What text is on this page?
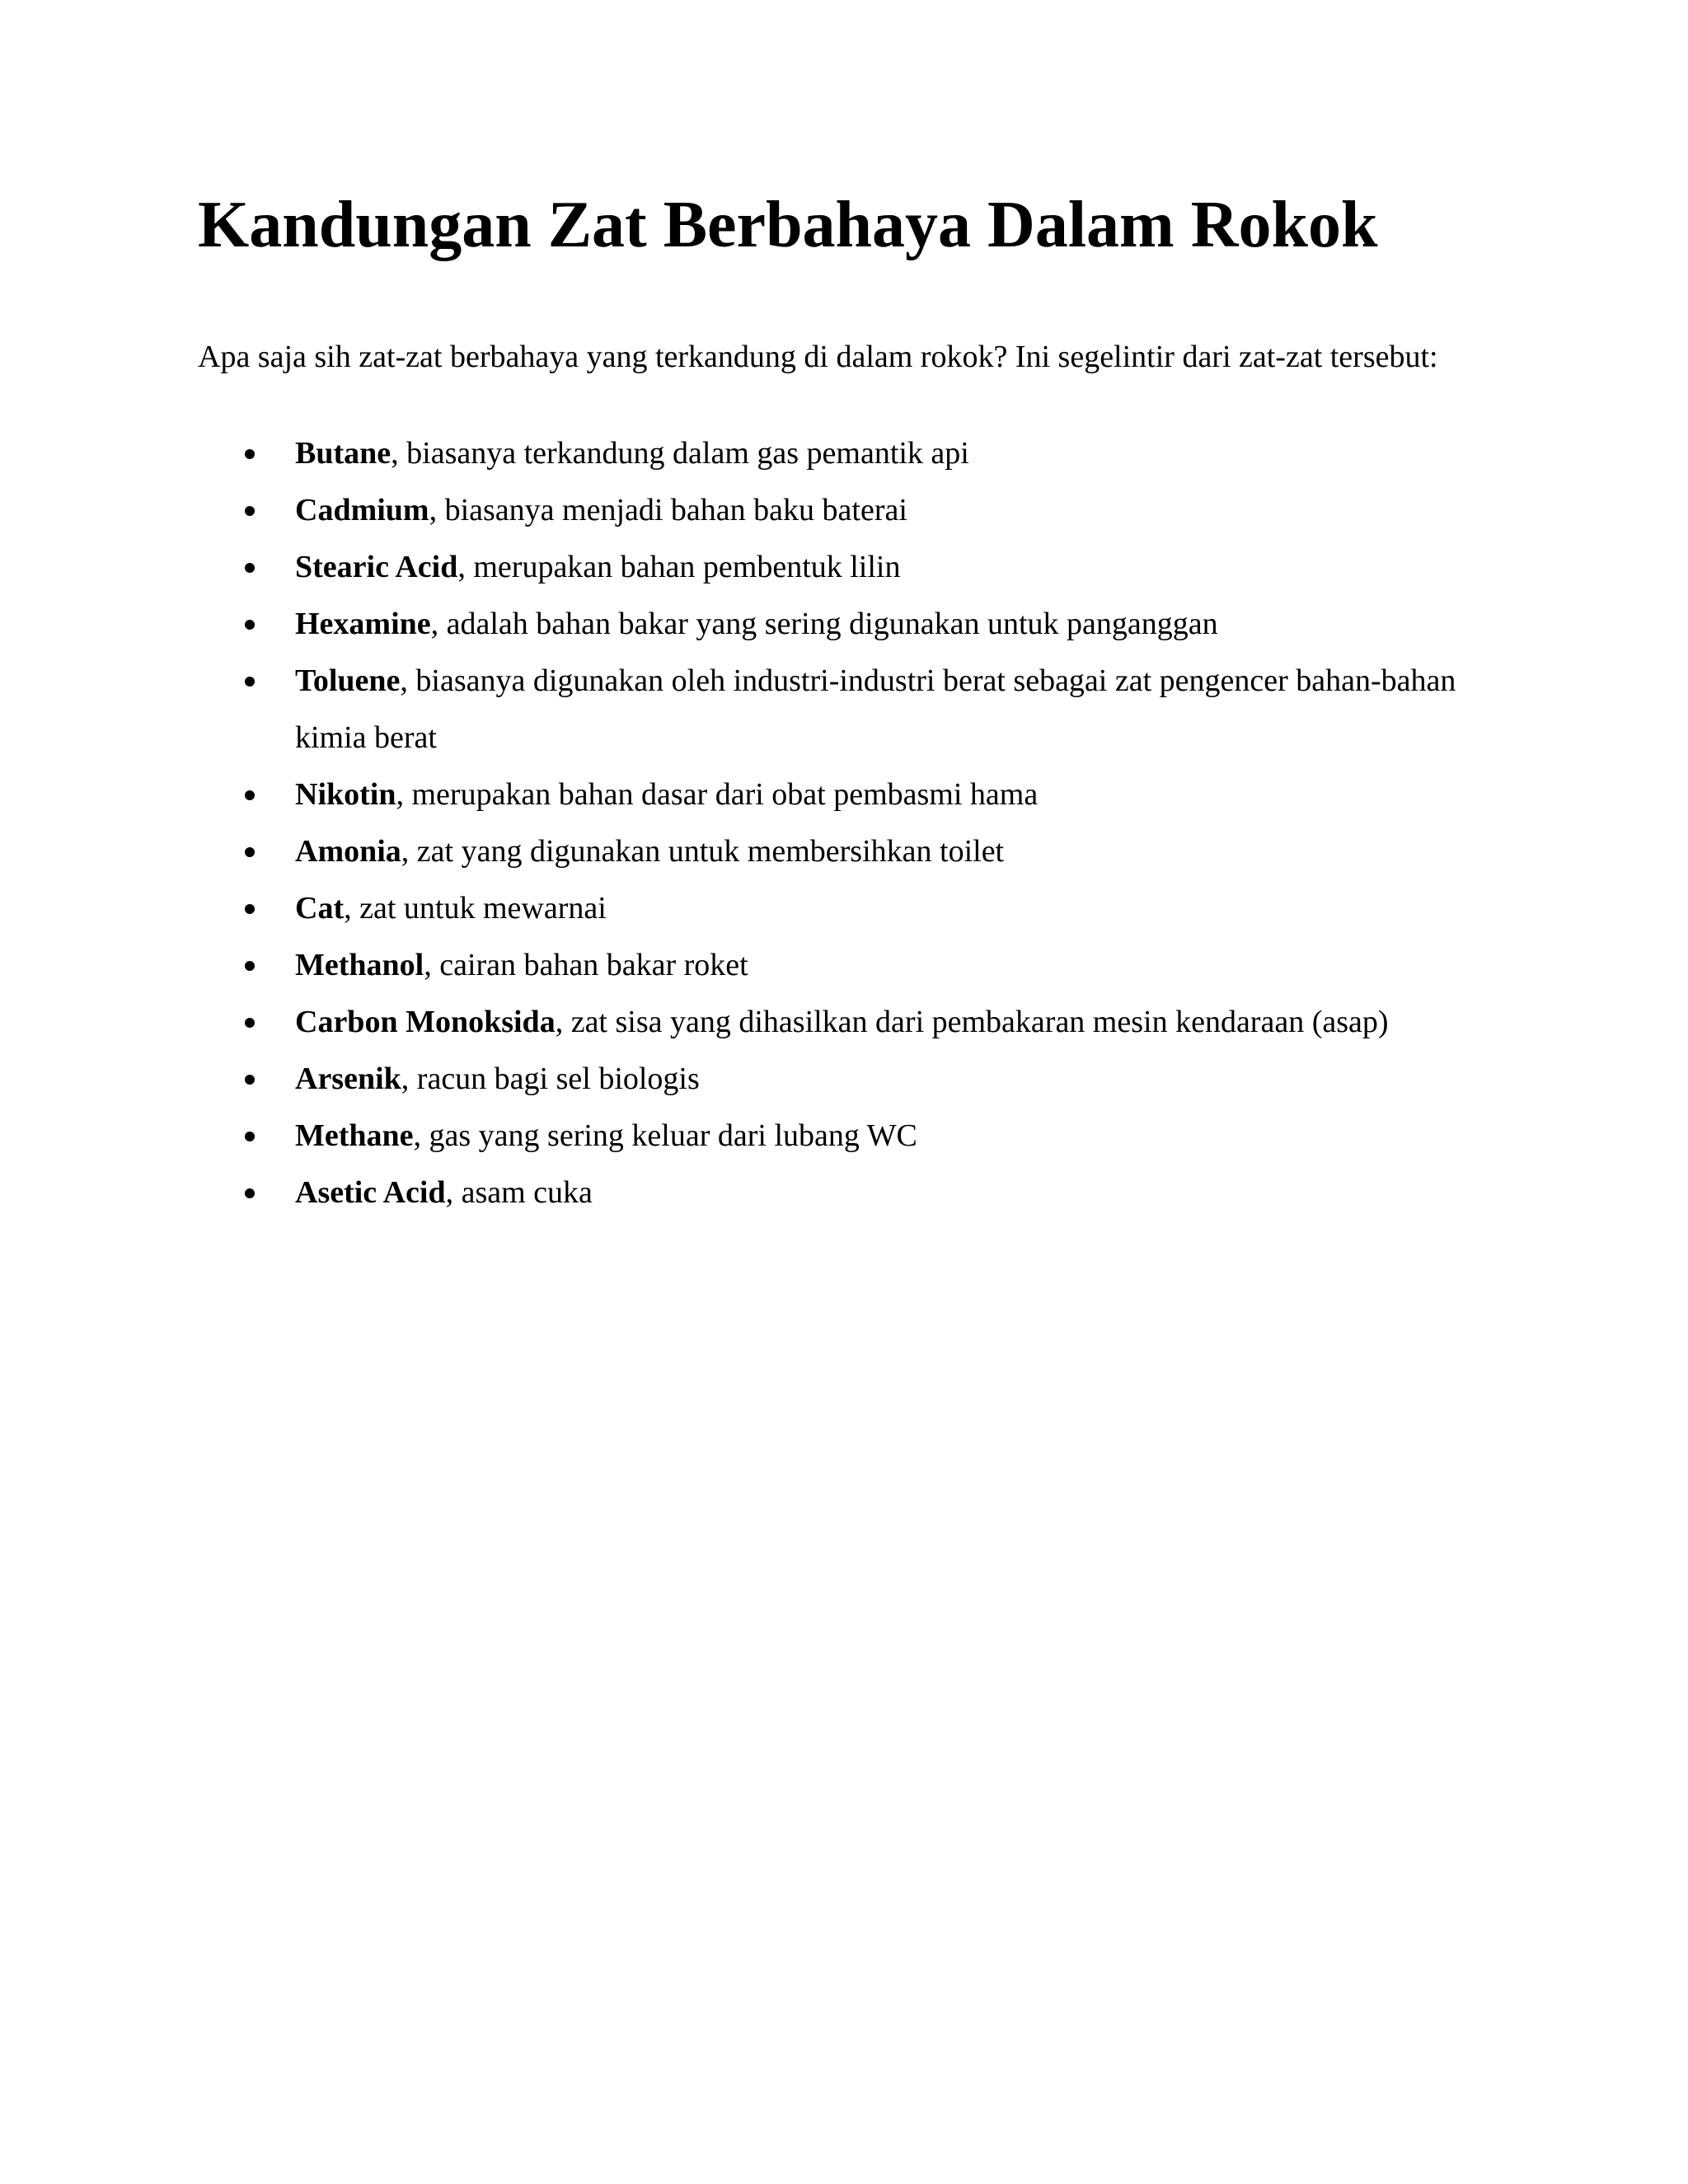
Kandungan Zat Berbahaya Dalam Rokok

Apa saja sih zat-zat berbahaya yang terkandung di dalam rokok? Ini segelintir dari zat-zat tersebut:

Butane, biasanya terkandung dalam gas pemantik api
Cadmium, biasanya menjadi bahan baku baterai
Stearic Acid, merupakan bahan pembentuk lilin
Hexamine, adalah bahan bakar yang sering digunakan untuk panganggan
Toluene, biasanya digunakan oleh industri-industri berat sebagai zat pengencer bahan-bahan kimia berat
Nikotin, merupakan bahan dasar dari obat pembasmi hama
Amonia, zat yang digunakan untuk membersihkan toilet
Cat, zat untuk mewarnai
Methanol, cairan bahan bakar roket
Carbon Monoksida, zat sisa yang dihasilkan dari pembakaran mesin kendaraan (asap)
Arsenik, racun bagi sel biologis
Methane, gas yang sering keluar dari lubang WC
Asetic Acid, asam cuka
